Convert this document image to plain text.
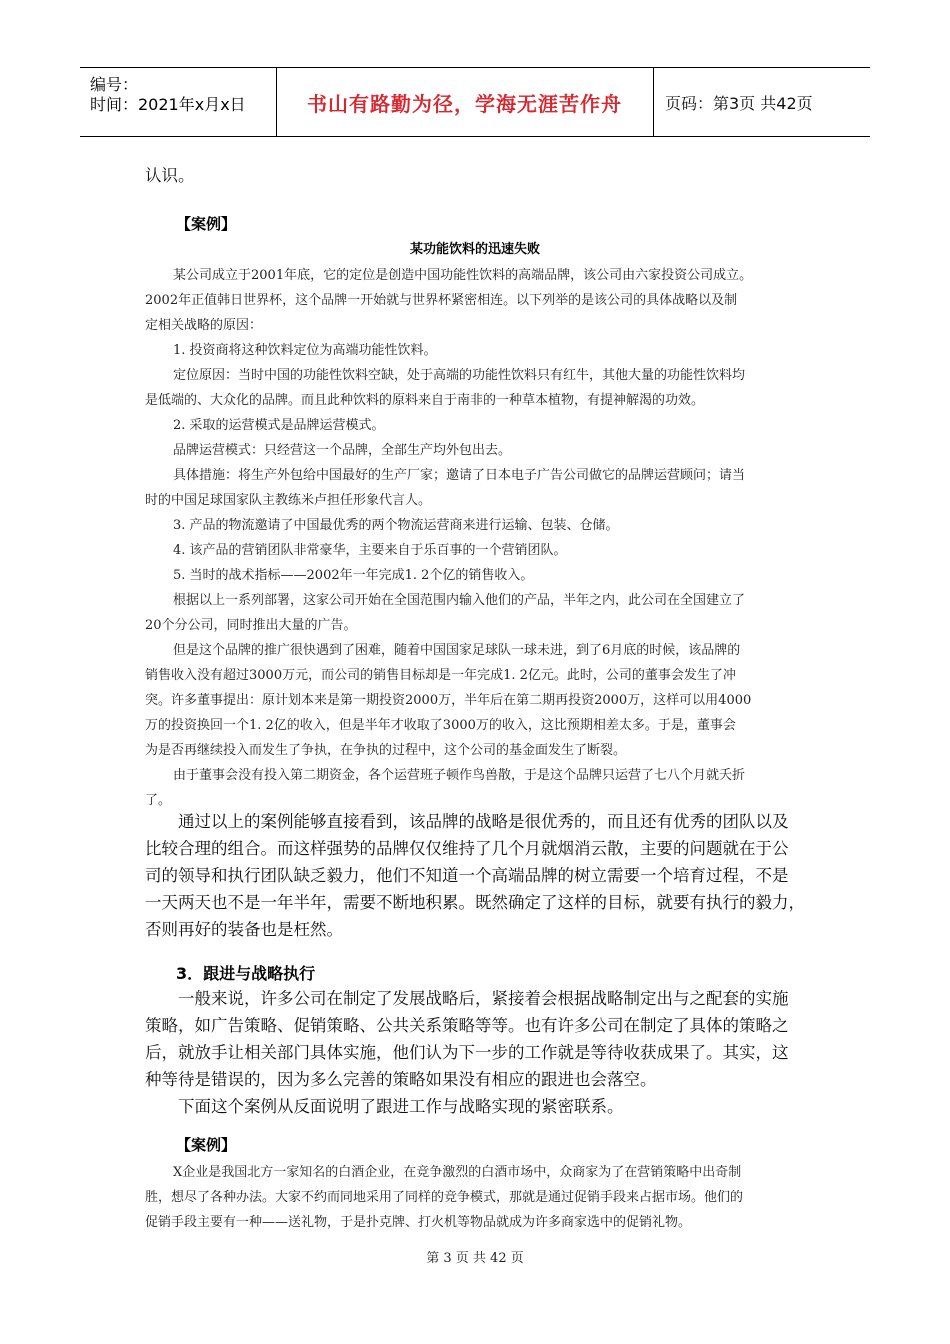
编号：
时间：2021年x月x日	书山有路勤为径，学海无涯苦作舟	页码：第3页 共42页
认识。
【案例】
某功能饮料的迅速失败
某公司成立于2001年底，它的定位是创造中国功能性饮料的高端品牌，该公司由六家投资公司成立。
2002年正值韩日世界杯，这个品牌一开始就与世界杯紧密相连。以下列举的是该公司的具体战略以及制
定相关战略的原因：
1. 投资商将这种饮料定位为高端功能性饮料。
定位原因：当时中国的功能性饮料空缺，处于高端的功能性饮料只有红牛，其他大量的功能性饮料均
是低端的、大众化的品牌。而且此种饮料的原料来自于南非的一种草本植物，有提神解渴的功效。
2. 采取的运营模式是品牌运营模式。
品牌运营模式：只经营这一个品牌，全部生产均外包出去。
具体措施：将生产外包给中国最好的生产厂家；邀请了日本电子广告公司做它的品牌运营顾问；请当
时的中国足球国家队主教练米卢担任形象代言人。
3. 产品的物流邀请了中国最优秀的两个物流运营商来进行运输、包装、仓储。
4. 该产品的营销团队非常豪华，主要来自于乐百事的一个营销团队。
5. 当时的战术指标——2002年一年完成1. 2个亿的销售收入。
根据以上一系列部署，这家公司开始在全国范围内输入他们的产品，半年之内，此公司在全国建立了
20个分公司，同时推出大量的广告。
但是这个品牌的推广很快遇到了困难，随着中国国家足球队一球未进，到了6月底的时候，该品牌的
销售收入没有超过3000万元，而公司的销售目标却是一年完成1. 2亿元。此时，公司的董事会发生了冲
突。许多董事提出：原计划本来是第一期投资2000万，半年后在第二期再投资2000万，这样可以用4000
万的投资换回一个1. 2亿的收入，但是半年才收取了3000万的收入，这比预期相差太多。于是，董事会
为是否再继续投入而发生了争执，在争执的过程中，这个公司的基金面发生了断裂。
由于董事会没有投入第二期资金，各个运营班子顿作鸟兽散，于是这个品牌只运营了七八个月就夭折
了。
通过以上的案例能够直接看到，该品牌的战略是很优秀的，而且还有优秀的团队以及
比较合理的组合。而这样强势的品牌仅仅维持了几个月就烟消云散，主要的问题就在于公
司的领导和执行团队缺乏毅力，他们不知道一个高端品牌的树立需要一个培育过程，不是
一天两天也不是一年半年，需要不断地积累。既然确定了这样的目标，就要有执行的毅力，
否则再好的装备也是枉然。
3．跟进与战略执行
一般来说，许多公司在制定了发展战略后，紧接着会根据战略制定出与之配套的实施
策略，如广告策略、促销策略、公共关系策略等等。也有许多公司在制定了具体的策略之
后，就放手让相关部门具体实施，他们认为下一步的工作就是等待收获成果了。其实，这
种等待是错误的，因为多么完善的策略如果没有相应的跟进也会落空。
下面这个案例从反面说明了跟进工作与战略实现的紧密联系。
【案例】
X企业是我国北方一家知名的白酒企业，在竞争激烈的白酒市场中，众商家为了在营销策略中出奇制
胜，想尽了各种办法。大家不约而同地采用了同样的竞争模式，那就是通过促销手段来占据市场。他们的
促销手段主要有一种——送礼物，于是扑克牌、打火机等物品就成为许多商家选中的促销礼物。
第 3 页 共 42 页
